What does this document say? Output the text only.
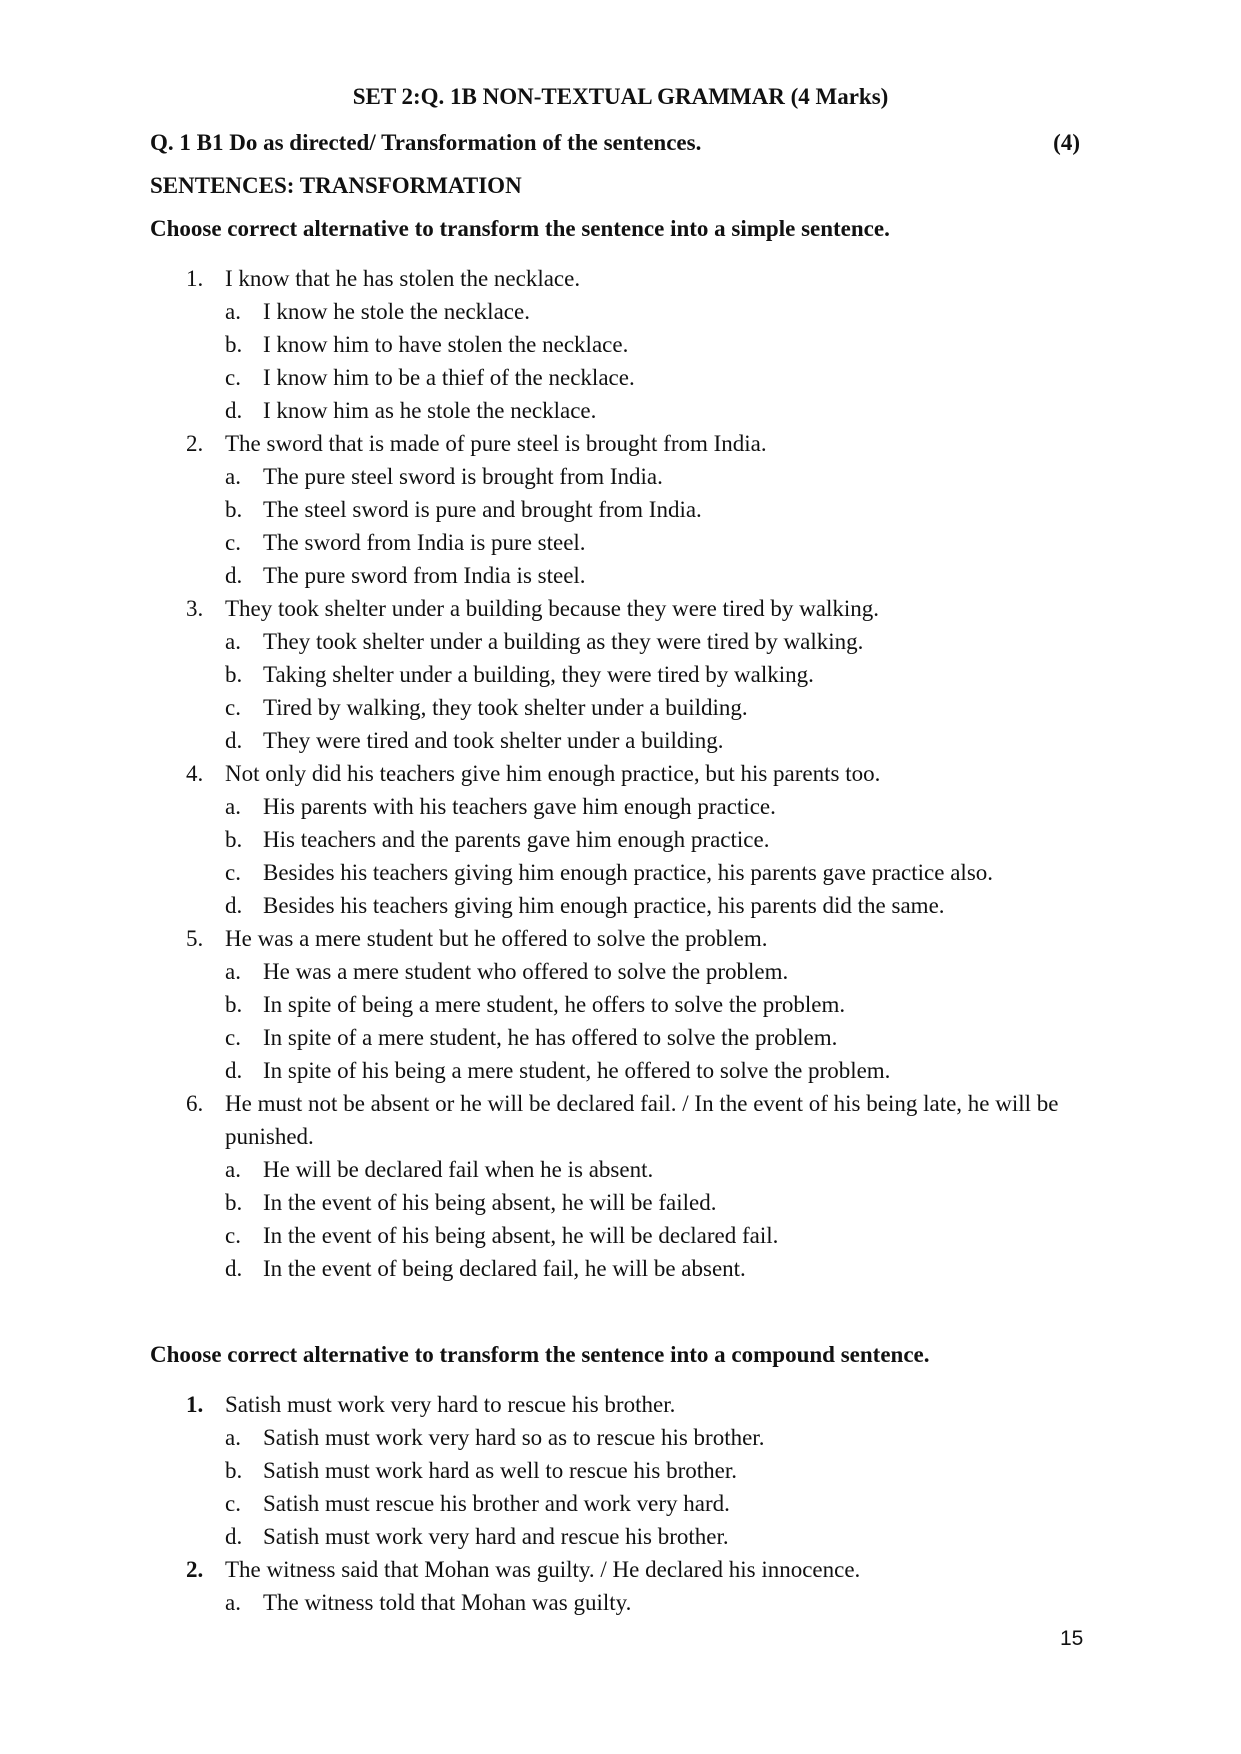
SET 2:Q. 1B NON-TEXTUAL GRAMMAR (4 Marks)
Q. 1 B1 Do as directed/ Transformation of the sentences.	(4)
SENTENCES: TRANSFORMATION
Choose correct alternative to transform the sentence into a simple sentence.
1. I know that he has stolen the necklace.
a. I know he stole the necklace.
b. I know him to have stolen the necklace.
c. I know him to be a thief of the necklace.
d. I know him as he stole the necklace.
2. The sword that is made of pure steel is brought from India.
a. The pure steel sword is brought from India.
b. The steel sword is pure and brought from India.
c. The sword from India is pure steel.
d. The pure sword from India is steel.
3. They took shelter under a building because they were tired by walking.
a. They took shelter under a building as they were tired by walking.
b. Taking shelter under a building, they were tired by walking.
c. Tired by walking, they took shelter under a building.
d. They were tired and took shelter under a building.
4. Not only did his teachers give him enough practice, but his parents too.
a. His parents with his teachers gave him enough practice.
b. His teachers and the parents gave him enough practice.
c. Besides his teachers giving him enough practice, his parents gave practice also.
d. Besides his teachers giving him enough practice, his parents did the same.
5. He was a mere student but he offered to solve the problem.
a. He was a mere student who offered to solve the problem.
b. In spite of being a mere student, he offers to solve the problem.
c. In spite of a mere student, he has offered to solve the problem.
d. In spite of his being a mere student, he offered to solve the problem.
6. He must not be absent or he will be declared fail. / In the event of his being late, he will be punished.
a. He will be declared fail when he is absent.
b. In the event of his being absent, he will be failed.
c. In the event of his being absent, he will be declared fail.
d. In the event of being declared fail, he will be absent.
Choose correct alternative to transform the sentence into a compound sentence.
1. Satish must work very hard to rescue his brother.
a. Satish must work very hard so as to rescue his brother.
b. Satish must work hard as well to rescue his brother.
c. Satish must rescue his brother and work very hard.
d. Satish must work very hard and rescue his brother.
2. The witness said that Mohan was guilty. / He declared his innocence.
a. The witness told that Mohan was guilty.
15
